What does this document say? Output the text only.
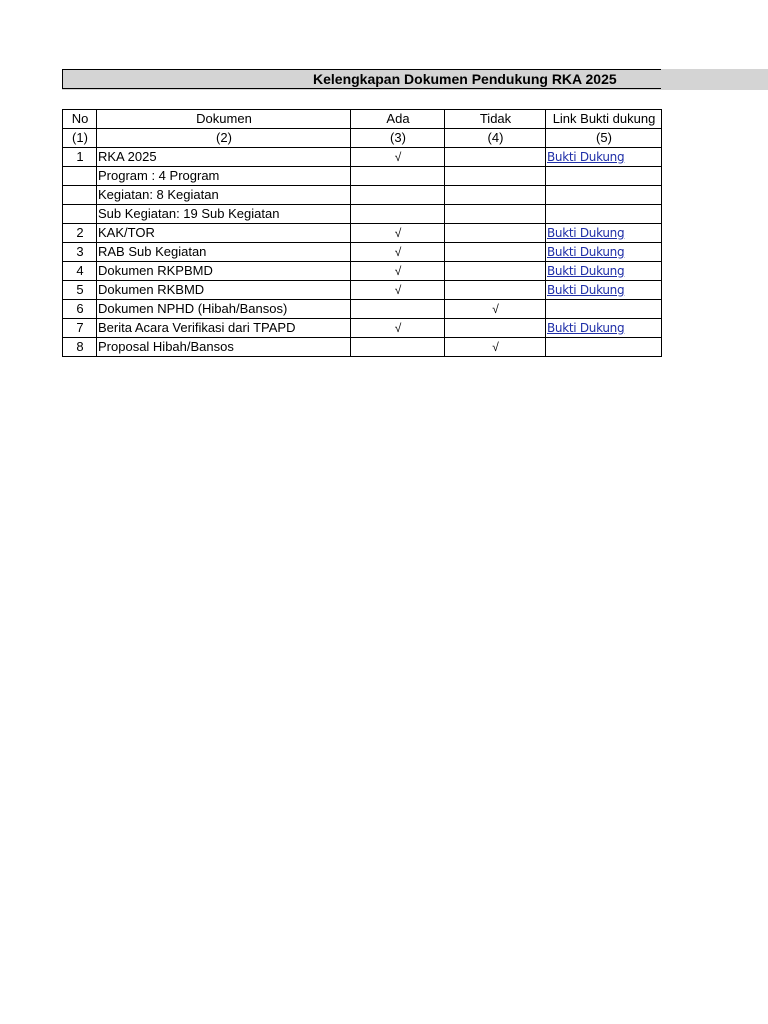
Kelengkapan Dokumen Pendukung RKA 2025
No	Dokumen	Ada	Tidak	Link Bukti dukung
(1)	(2)	(3)	(4)	(5)
1	RKA 2025	√		Bukti Dukung
	Program : 4 Program			
	Kegiatan: 8 Kegiatan			
	Sub Kegiatan: 19 Sub Kegiatan			
2	KAK/TOR	√		Bukti Dukung
3	RAB Sub Kegiatan	√		Bukti Dukung
4	Dokumen RKPBMD	√		Bukti Dukung
5	Dokumen RKBMD	√		Bukti Dukung
6	Dokumen NPHD (Hibah/Bansos)		√	
7	Berita Acara Verifikasi dari TPAPD	√		Bukti Dukung
8	Proposal Hibah/Bansos		√	
